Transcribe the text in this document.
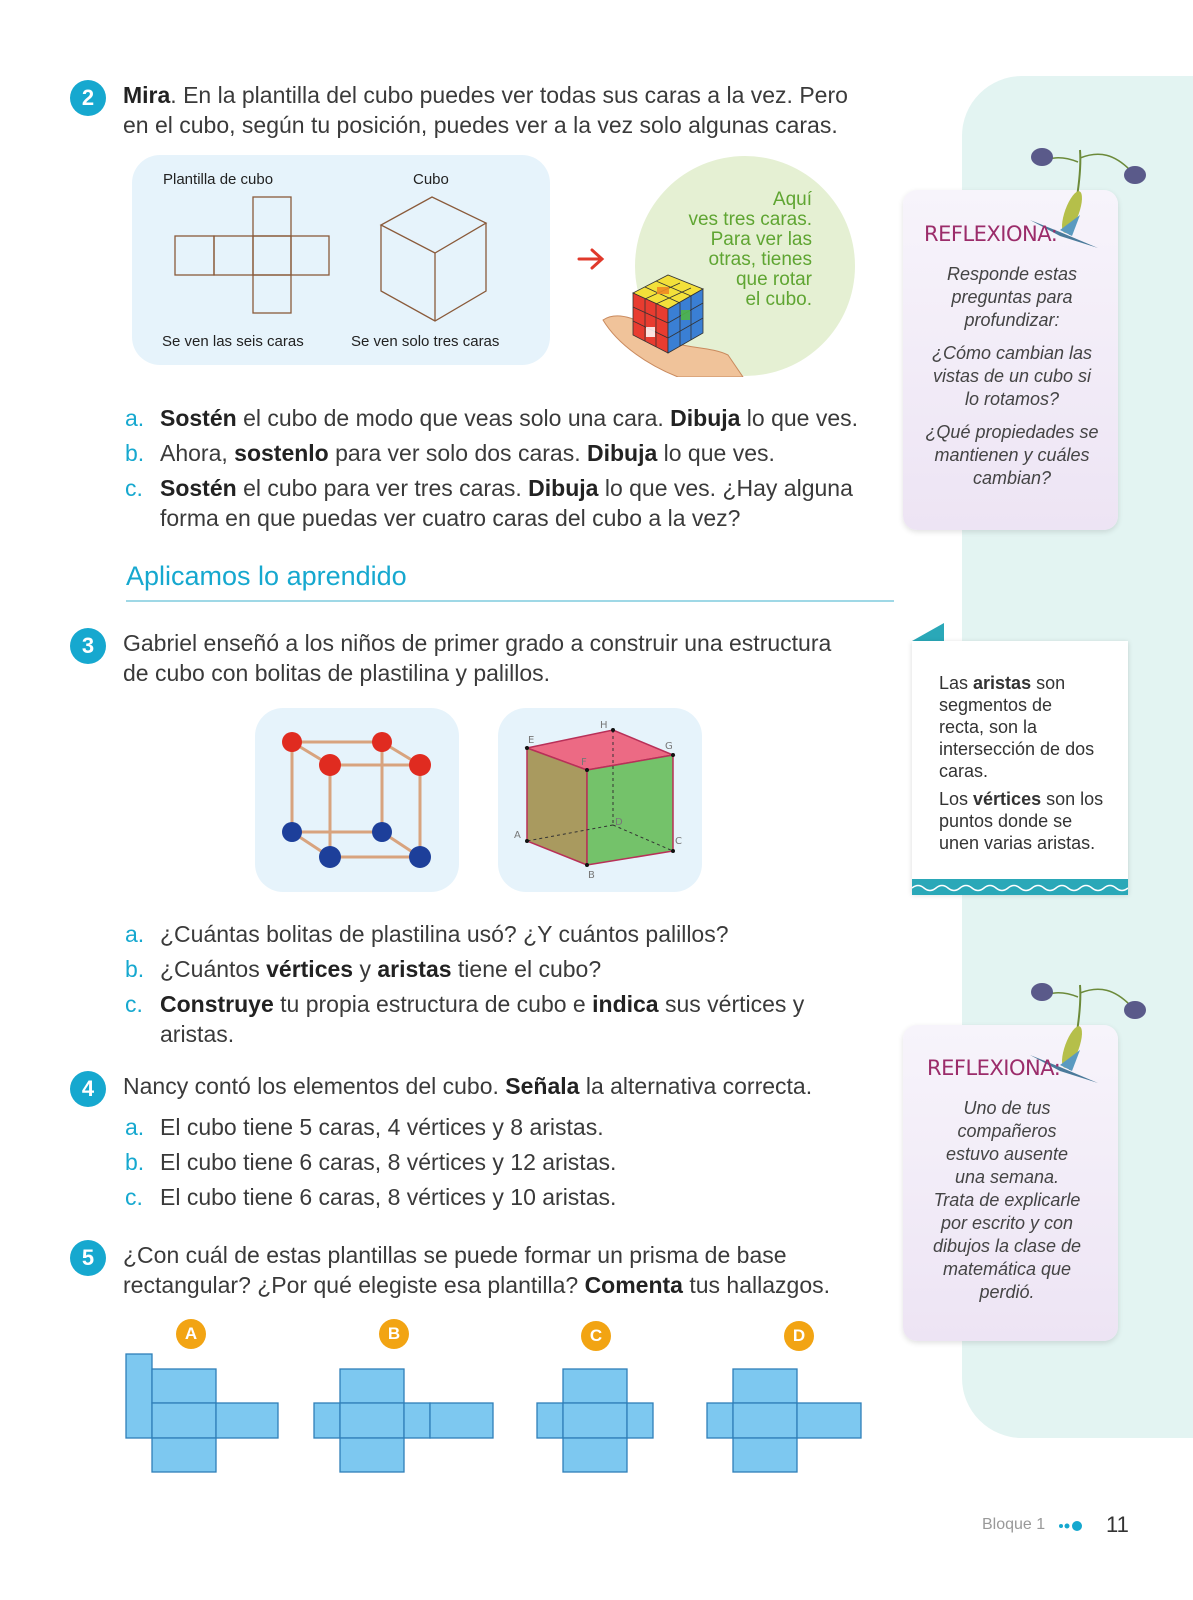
2	Mira. En la plantilla del cubo puedes ver todas sus caras a la vez. Pero
en el cubo, según tu posición, puedes ver a la vez solo algunas caras.
Plantilla de cubo	Cubo
Se ven las seis caras	Se ven solo tres caras
Aquí
ves tres caras.
Para ver las
otras, tienes
que rotar
el cubo.
a. Sostén el cubo de modo que veas solo una cara. Dibuja lo que ves.
b. Ahora, sostenlo para ver solo dos caras. Dibuja lo que ves.
c. Sostén el cubo para ver tres caras. Dibuja lo que ves. ¿Hay alguna
forma en que puedas ver cuatro caras del cubo a la vez?
Aplicamos lo aprendido
3	Gabriel enseñó a los niños de primer grado a construir una estructura
de cubo con bolitas de plastilina y palillos.
E
H
G
A
B
C
D
F
a. ¿Cuántas bolitas de plastilina usó? ¿Y cuántos palillos?
b. ¿Cuántos vértices y aristas tiene el cubo?
c. Construye tu propia estructura de cubo e indica sus vértices y
aristas.
4	Nancy contó los elementos del cubo. Señala la alternativa correcta.
a. El cubo tiene 5 caras, 4 vértices y 8 aristas.
b. El cubo tiene 6 caras, 8 vértices y 12 aristas.
c. El cubo tiene 6 caras, 8 vértices y 10 aristas.
5	¿Con cuál de estas plantillas se puede formar un prisma de base
rectangular? ¿Por qué elegiste esa plantilla? Comenta tus hallazgos.
A	B	C	D
REFLEXIONA:
Responde estas
preguntas para
profundizar:
¿Cómo cambian las
vistas de un cubo si
lo rotamos?
¿Qué propiedades se
mantienen y cuáles
cambian?
Las aristas son
segmentos de
recta, son la
intersección de dos
caras.
Los vértices son los
puntos donde se
unen varias aristas.
REFLEXIONA:
Uno de tus
compañeros
estuvo ausente
una semana.
Trata de explicarle
por escrito y con
dibujos la clase de
matemática que
perdió.
Bloque 1	11
